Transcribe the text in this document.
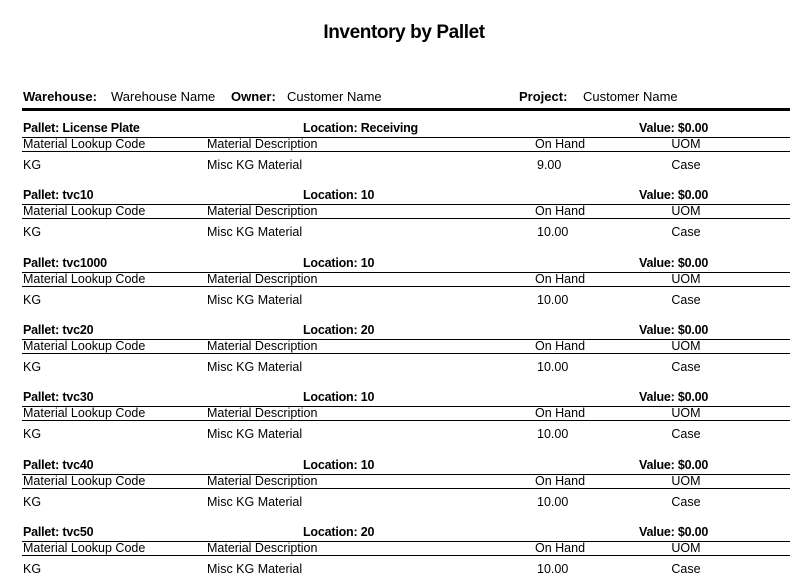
Inventory by Pallet
Warehouse: Warehouse Name Owner: Customer Name	Project: Customer Name
Pallet: License Plate	Location: Receiving	Value: $0.00
Material Lookup Code	Material Description	On Hand	UOM
KG	Misc KG Material	9.00	Case
Pallet: tvc10	Location: 10	Value: $0.00
Material Lookup Code	Material Description	On Hand	UOM
KG	Misc KG Material	10.00	Case
Pallet: tvc1000	Location: 10	Value: $0.00
Material Lookup Code	Material Description	On Hand	UOM
KG	Misc KG Material	10.00	Case
Pallet: tvc20	Location: 20	Value: $0.00
Material Lookup Code	Material Description	On Hand	UOM
KG	Misc KG Material	10.00	Case
Pallet: tvc30	Location: 10	Value: $0.00
Material Lookup Code	Material Description	On Hand	UOM
KG	Misc KG Material	10.00	Case
Pallet: tvc40	Location: 10	Value: $0.00
Material Lookup Code	Material Description	On Hand	UOM
KG	Misc KG Material	10.00	Case
Pallet: tvc50	Location: 20	Value: $0.00
Material Lookup Code	Material Description	On Hand	UOM
KG	Misc KG Material	10.00	Case
